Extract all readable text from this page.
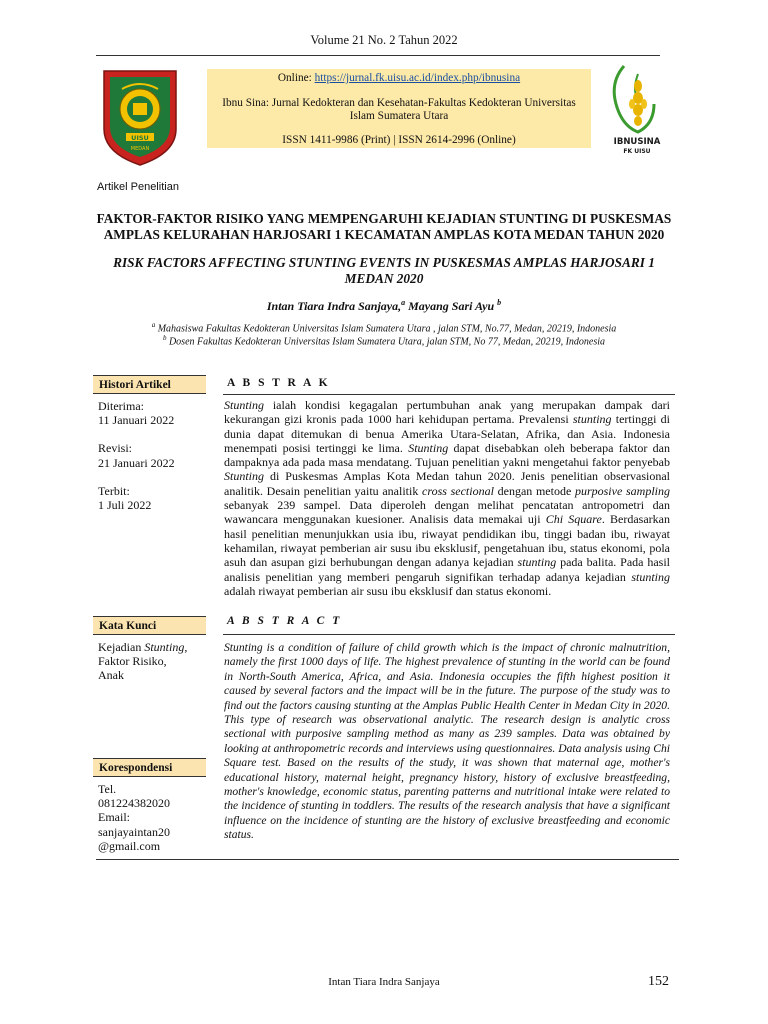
Volume 21 No. 2 Tahun 2022
UISU
MEDAN
Online: https://jurnal.fk.uisu.ac.id/index.php/ibnusina
Ibnu Sina: Jurnal Kedokteran dan Kesehatan-Fakultas Kedokteran Universitas
Islam Sumatera Utara
ISSN 1411-9986 (Print) | ISSN 2614-2996 (Online)	IBNUSINA
FK UISU
Artikel Penelitian
FAKTOR-FAKTOR RISIKO YANG MEMPENGARUHI KEJADIAN STUNTING DI PUSKESMAS
AMPLAS KELURAHAN HARJOSARI 1 KECAMATAN AMPLAS KOTA MEDAN TAHUN 2020
RISK FACTORS AFFECTING STUNTING EVENTS IN PUSKESMAS AMPLAS HARJOSARI 1
MEDAN 2020
Intan Tiara Indra Sanjaya,$^a$ Mayang Sari Ayu $^b$
$^a$ Mahasiswa Fakultas Kedokteran Universitas Islam Sumatera Utara , jalan STM, No.77, Medan, 20219, Indonesia
$^b$ Dosen Fakultas Kedokteran Universitas Islam Sumatera Utara, jalan STM, No 77, Medan, 20219, Indonesia
Histori Artikel
Diterima:
11 Januari 2022
Revisi:
21 Januari 2022
Terbit:
1 Juli 2022
Kata Kunci
Kejadian Stunting,
Faktor Risiko,
Anak
Korespondensi
Tel.
081224382020
Email:
sanjayaintan20
@gmail.com
A B S T R A K
Stunting ialah kondisi kegagalan pertumbuhan anak yang merupakan dampak dari kekurangan gizi kronis pada 1000 hari kehidupan pertama. Prevalensi stunting tertinggi di dunia dapat ditemukan di benua Amerika Utara-Selatan, Afrika, dan Asia. Indonesia menempati posisi tertinggi ke lima. Stunting dapat disebabkan oleh beberapa faktor dan dampaknya ada pada masa mendatang. Tujuan penelitian yakni mengetahui faktor penyebab Stunting di Puskesmas Amplas Kota Medan tahun 2020. Jenis penelitian observasional analitik. Desain penelitian yaitu analitik cross sectional dengan metode purposive sampling sebanyak 239 sampel. Data diperoleh dengan melihat pencatatan antropometri dan wawancara menggunakan kuesioner. Analisis data memakai uji Chi Square. Berdasarkan hasil penelitian menunjukkan usia ibu, riwayat pendidikan ibu, tinggi badan ibu, riwayat kehamilan, riwayat pemberian air susu ibu eksklusif, pengetahuan ibu, status ekonomi, pola asuh dan asupan gizi berhubungan dengan adanya kejadian stunting pada balita. Pada hasil analisis penelitian yang memberi pengaruh signifikan terhadap adanya kejadian stunting adalah riwayat pemberian air susu ibu eksklusif dan status ekonomi.
A B S T R A C T
Stunting is a condition of failure of child growth which is the impact of chronic malnutrition, namely the first 1000 days of life. The highest prevalence of stunting in the world can be found in North-South America, Africa, and Asia. Indonesia occupies the fifth highest position it caused by several factors and the impact will be in the future. The purpose of the study was to find out the factors causing stunting at the Amplas Public Health Center in Medan City in 2020. This type of research was observational analytic. The research design is analytic cross sectional with purposive sampling method as many as 239 samples. Data was obtained by looking at anthropometric records and interviews using questionnaires. Data analysis using Chi Square test. Based on the results of the study, it was shown that maternal age, mother's educational history, maternal height, pregnancy history, history of exclusive breastfeeding, mother's knowledge, economic status, parenting patterns and nutritional intake were related to the incidence of stunting in toddlers. The results of the research analysis that have a significant influence on the incidence of stunting are the history of exclusive breastfeeding and economic status.
Intan Tiara Indra Sanjaya	152
